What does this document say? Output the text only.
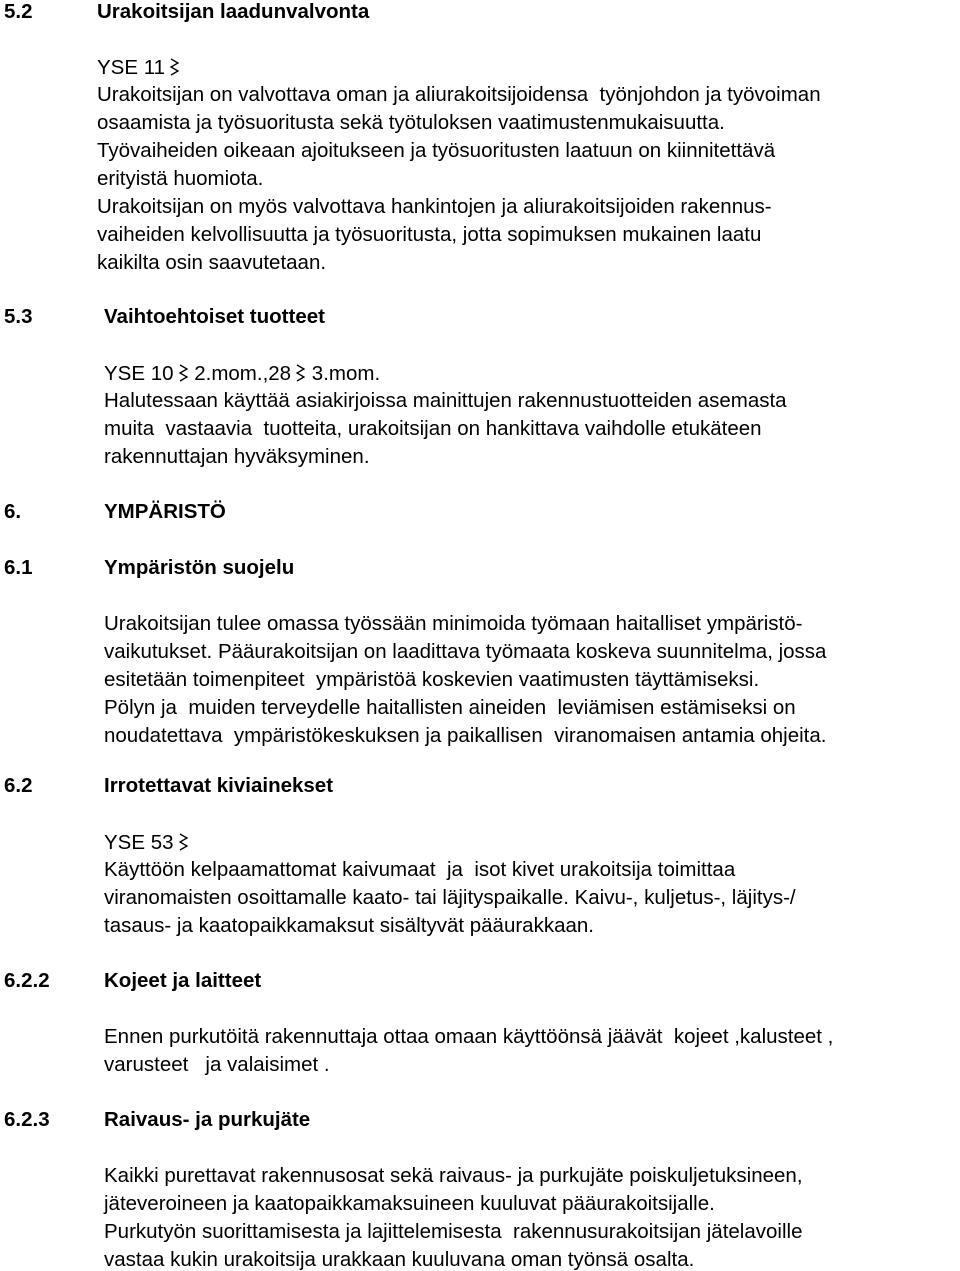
5.2	Urakoitsijan laadunvalvonta
YSE 11
Urakoitsijan on valvottava oman ja aliurakoitsijoidensa  työnjohdon ja työvoiman
osaamista ja työsuoritusta sekä työtuloksen vaatimustenmukaisuutta.
Työvaiheiden oikeaan ajoitukseen ja työsuoritusten laatuun on kiinnitettävä
erityistä huomiota.
Urakoitsijan on myös valvottava hankintojen ja aliurakoitsijoiden rakennus-
vaiheiden kelvollisuutta ja työsuoritusta, jotta sopimuksen mukainen laatu
kaikilta osin saavutetaan.
5.3	Vaihtoehtoiset tuotteet
YSE 10 2.mom.,28 3.mom.
Halutessaan käyttää asiakirjoissa mainittujen rakennustuotteiden asemasta
muita  vastaavia  tuotteita, urakoitsijan on hankittava vaihdolle etukäteen
rakennuttajan hyväksyminen.
6.	YMPÄRISTÖ
6.1	Ympäristön suojelu
Urakoitsijan tulee omassa työssään minimoida työmaan haitalliset ympäristö-
vaikutukset. Pääurakoitsijan on laadittava työmaata koskeva suunnitelma, jossa
esitetään toimenpiteet  ympäristöä koskevien vaatimusten täyttämiseksi.
Pölyn ja  muiden terveydelle haitallisten aineiden  leviämisen estämiseksi on
noudatettava  ympäristökeskuksen ja paikallisen  viranomaisen antamia ohjeita.
6.2	Irrotettavat kiviainekset
YSE 53
Käyttöön kelpaamattomat kaivumaat  ja  isot kivet urakoitsija toimittaa
viranomaisten osoittamalle kaato- tai läjityspaikalle. Kaivu-, kuljetus-, läjitys-/
tasaus- ja kaatopaikkamaksut sisältyvät pääurakkaan.
6.2.2	Kojeet ja laitteet
Ennen purkutöitä rakennuttaja ottaa omaan käyttöönsä jäävät  kojeet ,kalusteet ,
varusteet   ja valaisimet .
6.2.3	Raivaus- ja purkujäte
Kaikki purettavat rakennusosat sekä raivaus- ja purkujäte poiskuljetuksineen,
jäteveroineen ja kaatopaikkamaksuineen kuuluvat pääurakoitsijalle.
Purkutyön suorittamisesta ja lajittelemisesta  rakennusurakoitsijan jätelavoille
vastaa kukin urakoitsija urakkaan kuuluvana oman työnsä osalta.
